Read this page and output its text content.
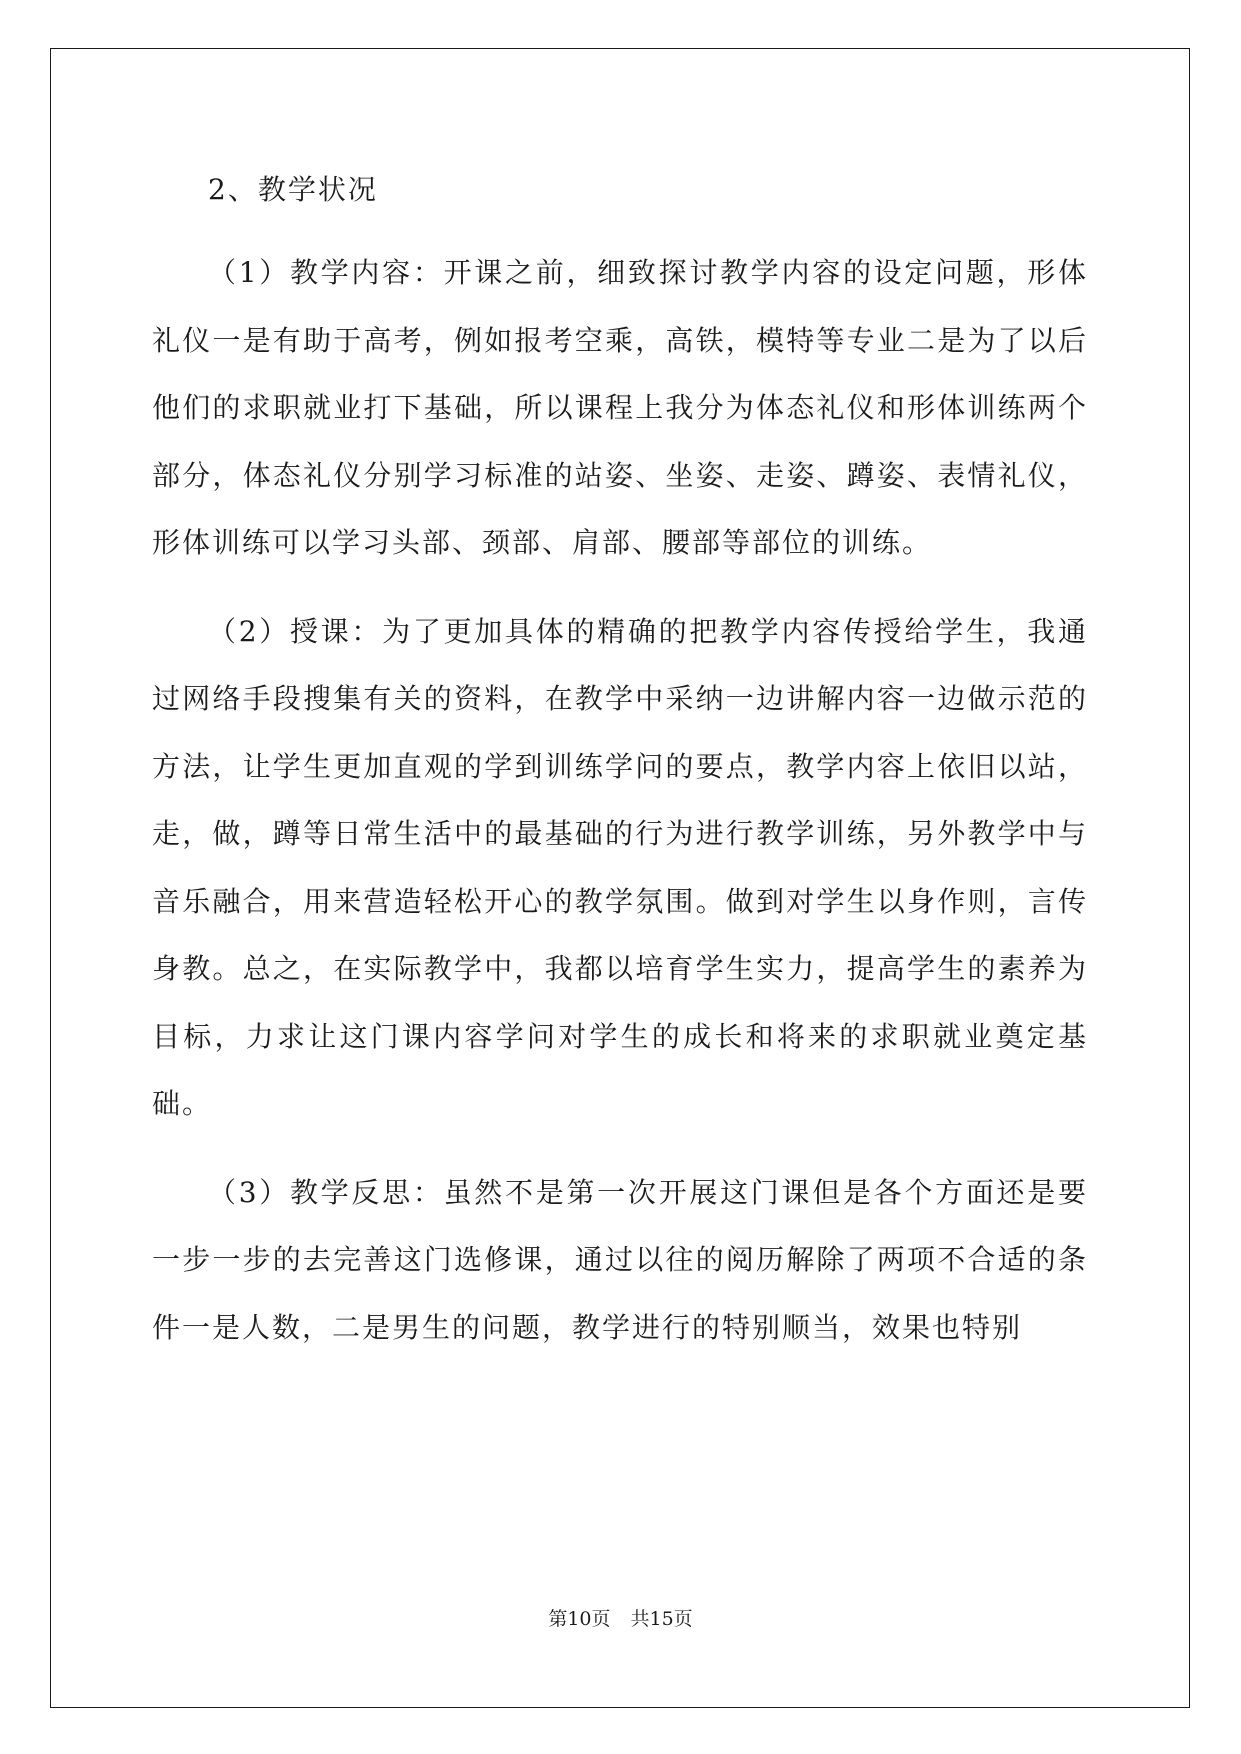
2、教学状况

（1）教学内容：开课之前，细致探讨教学内容的设定问题，形体礼仪一是有助于高考，例如报考空乘，高铁，模特等专业二是为了以后他们的求职就业打下基础，所以课程上我分为体态礼仪和形体训练两个部分，体态礼仪分别学习标准的站姿、坐姿、走姿、蹲姿、表情礼仪，形体训练可以学习头部、颈部、肩部、腰部等部位的训练。

（2）授课：为了更加具体的精确的把教学内容传授给学生，我通过网络手段搜集有关的资料，在教学中采纳一边讲解内容一边做示范的方法，让学生更加直观的学到训练学问的要点，教学内容上依旧以站，走，做，蹲等日常生活中的最基础的行为进行教学训练，另外教学中与音乐融合，用来营造轻松开心的教学氛围。做到对学生以身作则，言传身教。总之，在实际教学中，我都以培育学生实力，提高学生的素养为目标，力求让这门课内容学问对学生的成长和将来的求职就业奠定基础。

（3）教学反思：虽然不是第一次开展这门课但是各个方面还是要一步一步的去完善这门选修课，通过以往的阅历解除了两项不合适的条件一是人数，二是男生的问题，教学进行的特别顺当，效果也特别

第10页 共15页
